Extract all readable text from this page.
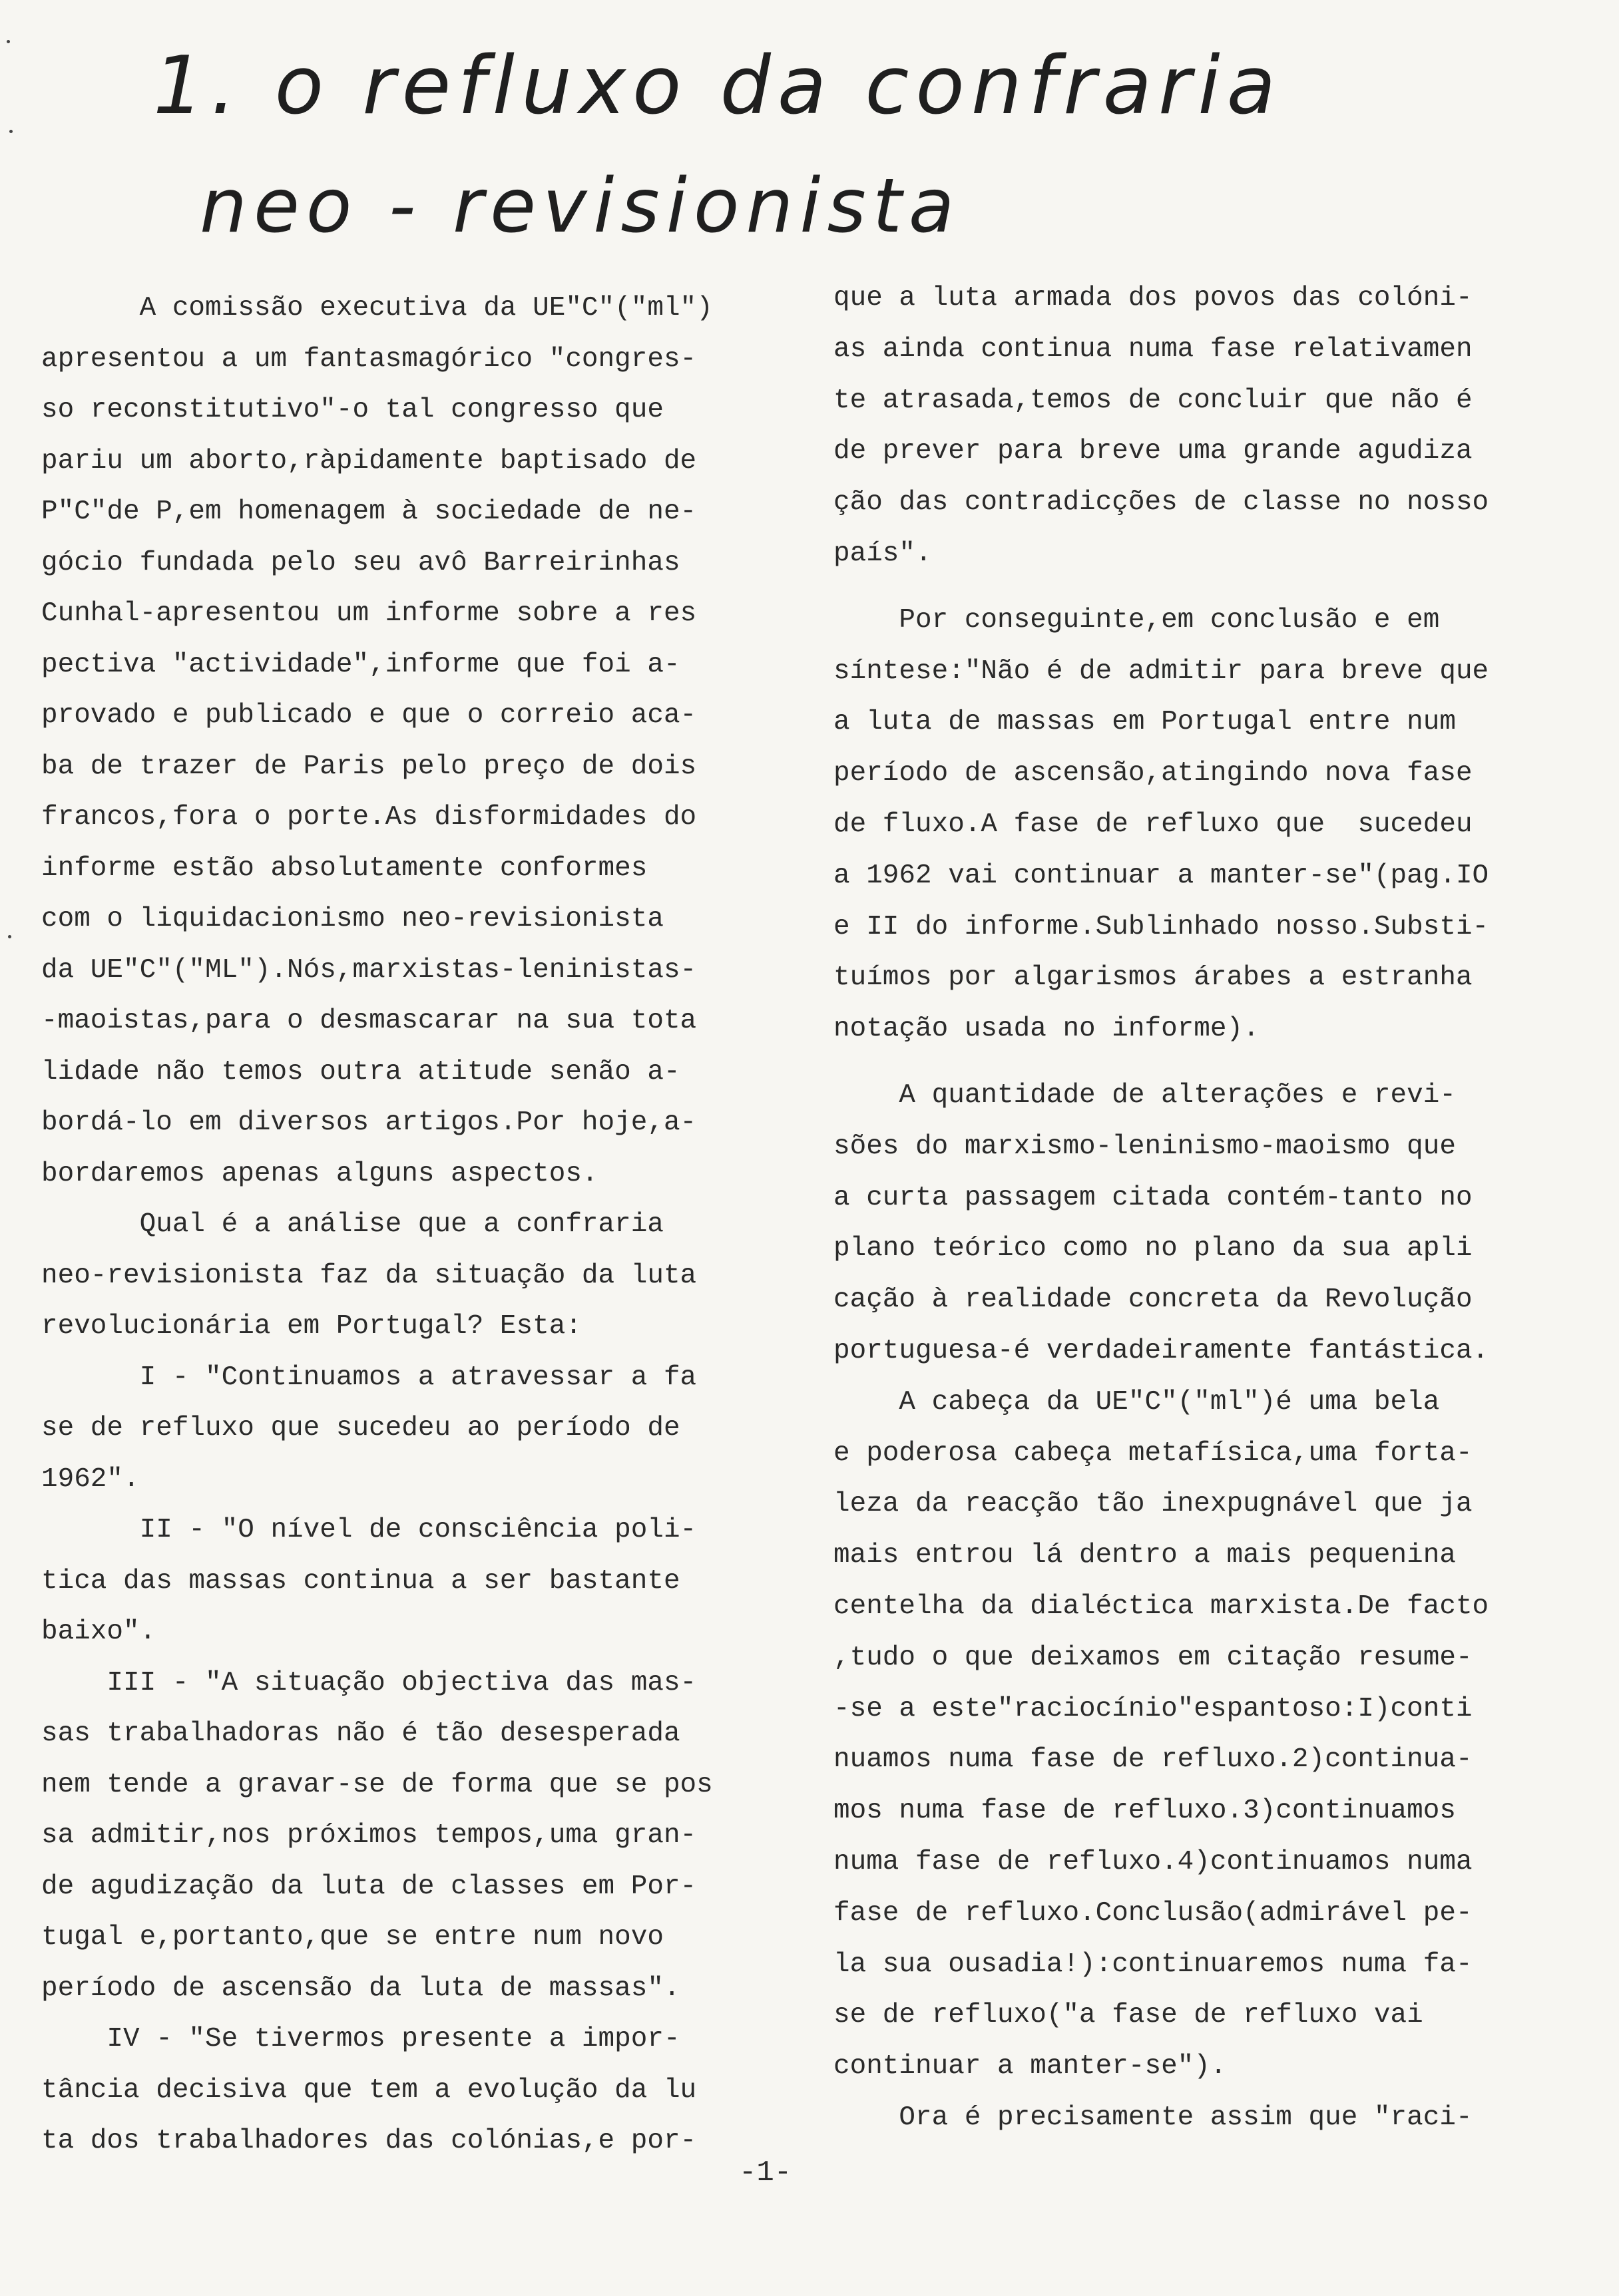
1. o refluxo da confraria
neo - revisionista
A comissão executiva da UE"C"("ml")
apresentou a um fantasmagórico "congres-
so reconstitutivo"-o tal congresso que
pariu um aborto,ràpidamente baptisado de
P"C"de P,em homenagem à sociedade de ne-
gócio fundada pelo seu avô Barreirinhas
Cunhal-apresentou um informe sobre a res
pectiva "actividade",informe que foi a-
provado e publicado e que o correio aca-
ba de trazer de Paris pelo preço de dois
francos,fora o porte.As disformidades do
informe estão absolutamente conformes
com o liquidacionismo neo-revisionista
da UE"C"("ML").Nós,marxistas-leninistas-
-maoistas,para o desmascarar na sua tota
lidade não temos outra atitude senão a-
bordá-lo em diversos artigos.Por hoje,a-
bordaremos apenas alguns aspectos.
Qual é a análise que a confraria
neo-revisionista faz da situação da luta
revolucionária em Portugal? Esta:
I - "Continuamos a atravessar a fa
se de refluxo que sucedeu ao período de
1962".
II - "O nível de consciência poli-
tica das massas continua a ser bastante
baixo".
III - "A situação objectiva das mas-
sas trabalhadoras não é tão desesperada
nem tende a gravar-se de forma que se pos
sa admitir,nos próximos tempos,uma gran-
de agudização da luta de classes em Por-
tugal e,portanto,que se entre num novo
período de ascensão da luta de massas".
IV - "Se tivermos presente a impor-
tância decisiva que tem a evolução da lu
ta dos trabalhadores das colónias,e por-
que a luta armada dos povos das colóni-
as ainda continua numa fase relativamen
te atrasada,temos de concluir que não é
de prever para breve uma grande agudiza
ção das contradicções de classe no nosso
país".
Por conseguinte,em conclusão e em
síntese:"Não é de admitir para breve que
a luta de massas em Portugal entre num
período de ascensão,atingindo nova fase
de fluxo.A fase de refluxo que  sucedeu
a 1962 vai continuar a manter-se"(pag.IO
e II do informe.Sublinhado nosso.Substi-
tuímos por algarismos árabes a estranha
notação usada no informe).
A quantidade de alterações e revi-
sões do marxismo-leninismo-maoismo que
a curta passagem citada contém-tanto no
plano teórico como no plano da sua apli
cação à realidade concreta da Revolução
portuguesa-é verdadeiramente fantástica.
A cabeça da UE"C"("ml")é uma bela
e poderosa cabeça metafísica,uma forta-
leza da reacção tão inexpugnável que ja
mais entrou lá dentro a mais pequenina
centelha da dialéctica marxista.De facto
,tudo o que deixamos em citação resume-
-se a este"raciocínio"espantoso:I)conti
nuamos numa fase de refluxo.2)continua-
mos numa fase de refluxo.3)continuamos
numa fase de refluxo.4)continuamos numa
fase de refluxo.Conclusão(admirável pe-
la sua ousadia!):continuaremos numa fa-
se de refluxo("a fase de refluxo vai
continuar a manter-se").
Ora é precisamente assim que "raci-
-1-
